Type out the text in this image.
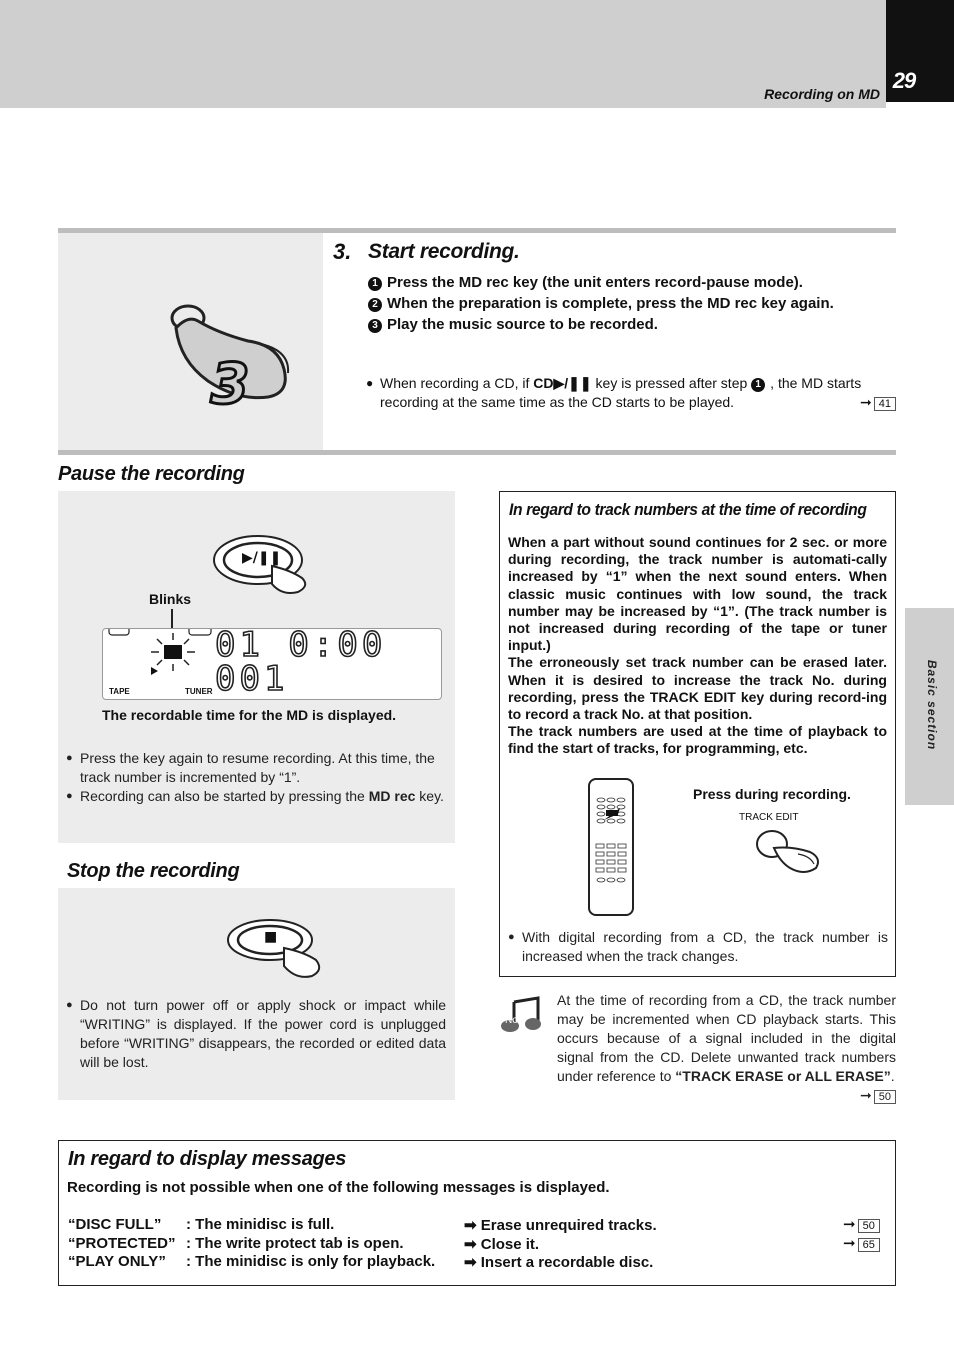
29
Recording on MD
Basic section
3
3. Start recording.
1 Press the MD rec key (the unit enters record-pause mode).
2 When the preparation is complete, press the MD rec key again.
3 Play the music source to be recorded.
● When recording a CD, if CD▶/❚❚ key is pressed after step 1 , the MD starts recording at the same time as the CD starts to be played.	➞ 41
Pause the recording
▶/❚❚
Blinks
01 0:00
001
TAPE	TUNER
The recordable time for the MD is displayed.
● Press the key again to resume recording. At this time, the track number is incremented by “1”.
● Recording can also be started by pressing the MD rec key.
Stop the recording
■
● Do not turn power off or apply shock or impact while “WRITING” is displayed. If the power cord is unplugged before “WRITING” disappears, the recorded or edited data will be lost.
In regard to track numbers at the time of recording

When a part without sound continues for 2 sec. or more during recording, the track number is automati-cally increased by “1” when the next sound enters. When classic music continues with low sound, the track number may be increased by “1”. (The track number is not increased during recording of the tape or tuner input.)

The erroneously set track number can be erased later. When it is desired to increase the track No. during recording, press the TRACK EDIT key during record-ing to record a track No. at that position.

The track numbers are used at the time of playback to find the start of tracks, for programming, etc.

Press during recording.
TRACK EDIT
● With digital recording from a CD, the track number is increased when the track changes.
Note
At the time of recording from a CD, the track number may be incremented when CD playback starts. This occurs because of a signal included in the digital signal from the CD. Delete unwanted track numbers under reference to “TRACK ERASE or ALL ERASE”.
➞ 50
In regard to display messages
Recording is not possible when one of the following messages is displayed.
“DISC FULL” : The minidisc is full.	➡ Erase unrequired tracks.	➞ 50
“PROTECTED” : The write protect tab is open.	➡ Close it.	➞ 65
“PLAY ONLY” : The minidisc is only for playback. ➡ Insert a recordable disc.
